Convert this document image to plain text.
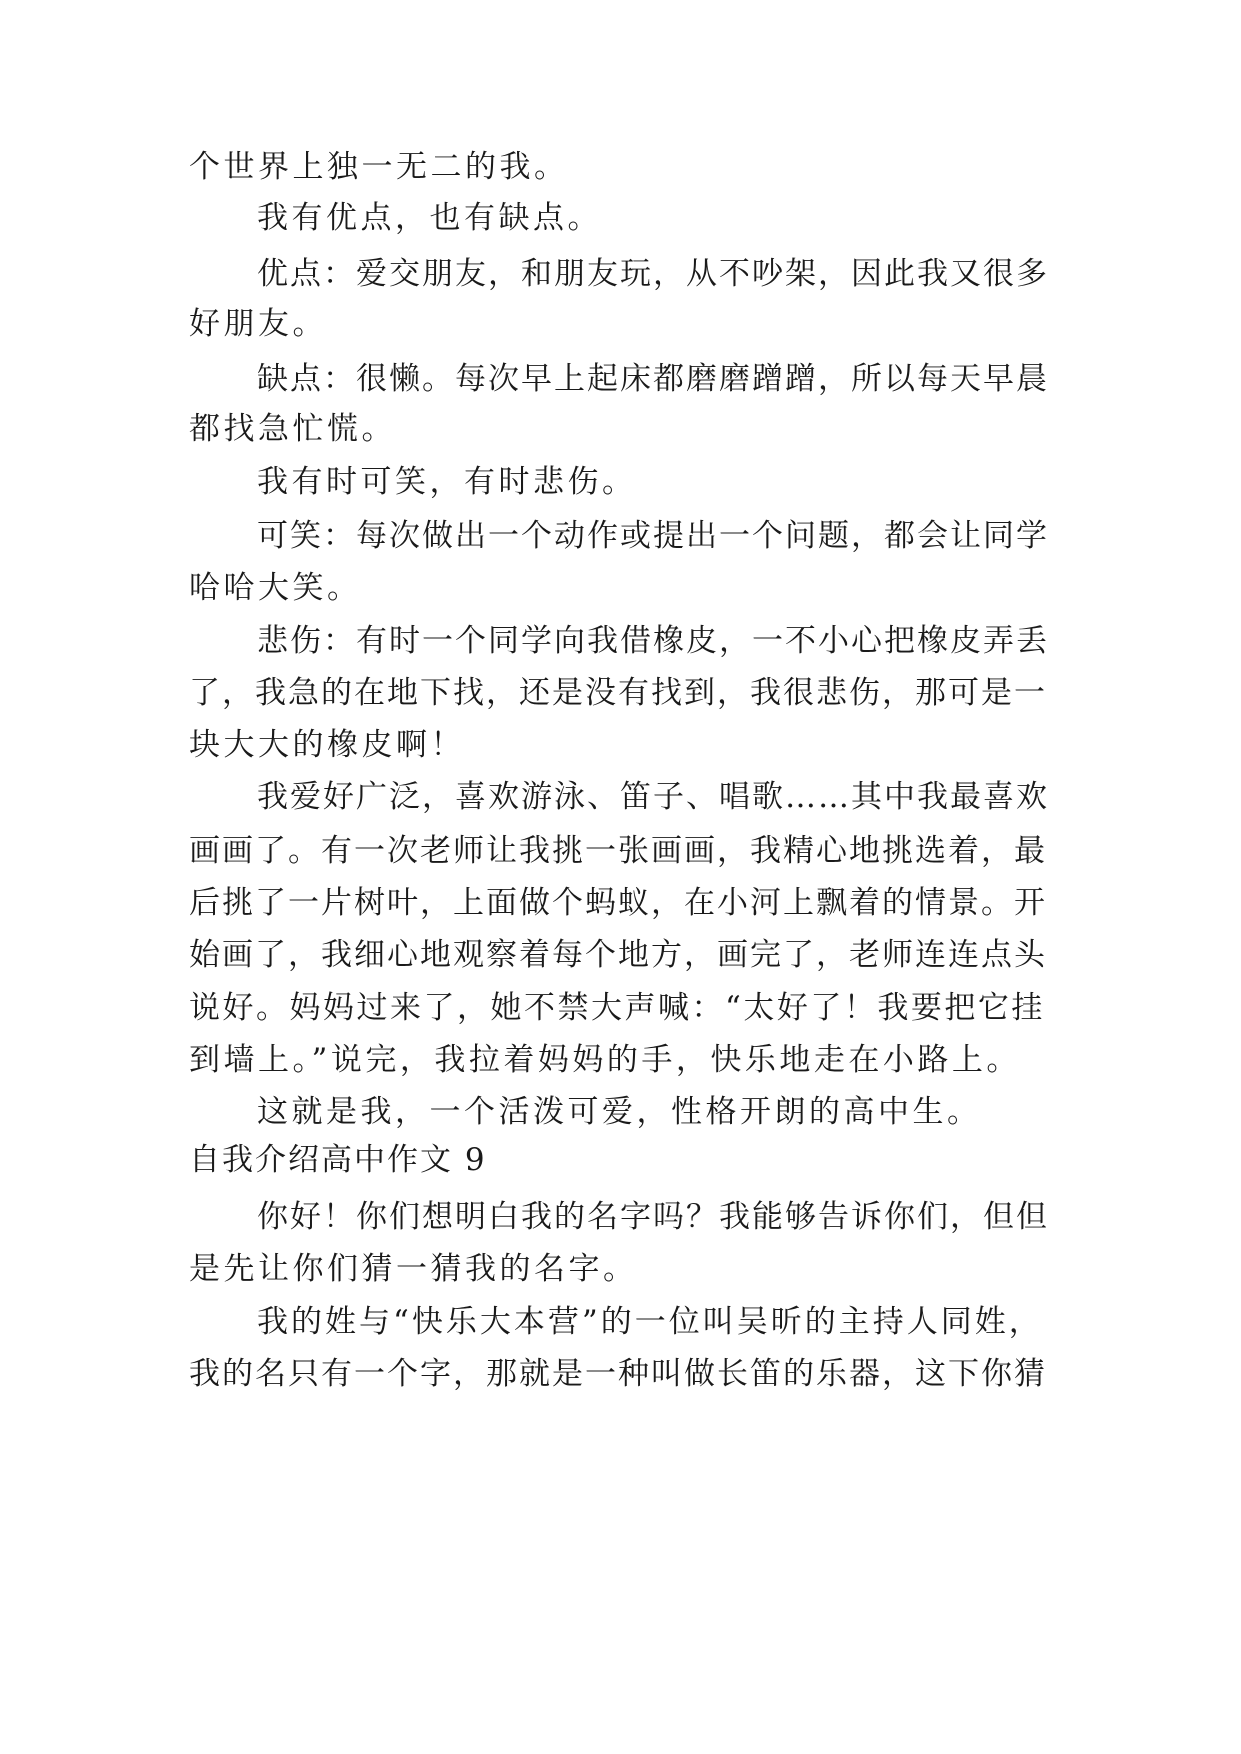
个世界上独一无二的我。
我有优点，也有缺点。
优点：爱交朋友，和朋友玩，从不吵架，因此我又很多
好朋友。
缺点：很懒。每次早上起床都磨磨蹭蹭，所以每天早晨
都找急忙慌。
我有时可笑，有时悲伤。
可笑：每次做出一个动作或提出一个问题，都会让同学
哈哈大笑。
悲伤：有时一个同学向我借橡皮，一不小心把橡皮弄丢
了，我急的在地下找，还是没有找到，我很悲伤，那可是一
块大大的橡皮啊！
我爱好广泛，喜欢游泳、笛子、唱歌……其中我最喜欢
画画了。有一次老师让我挑一张画画，我精心地挑选着，最
后挑了一片树叶，上面做个蚂蚁，在小河上飘着的情景。开
始画了，我细心地观察着每个地方，画完了，老师连连点头
说好。妈妈过来了，她不禁大声喊：“太好了！我要把它挂
到墙上。”说完，我拉着妈妈的手，快乐地走在小路上。
这就是我，一个活泼可爱，性格开朗的高中生。
自我介绍高中作文 9
你好！你们想明白我的名字吗？我能够告诉你们，但但
是先让你们猜一猜我的名字。
我的姓与“快乐大本营”的一位叫吴昕的主持人同姓，
我的名只有一个字，那就是一种叫做长笛的乐器，这下你猜
